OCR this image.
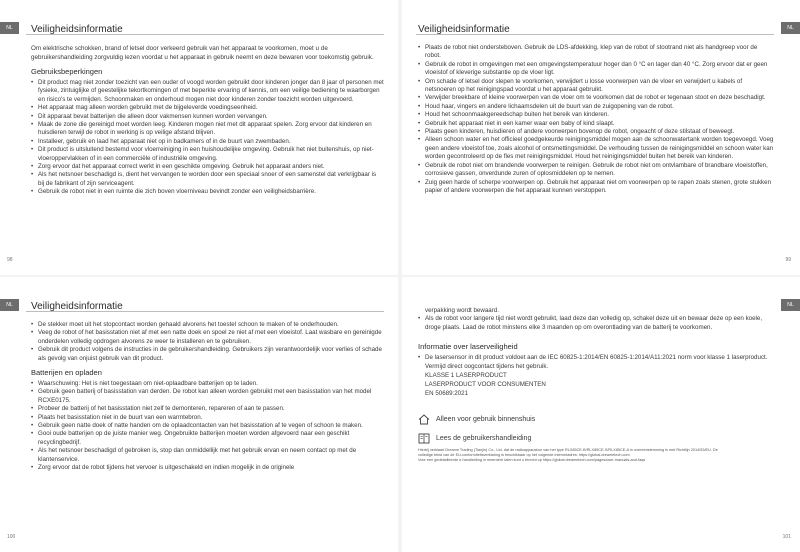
NL	Veiligheidsinformatie
Om elektrische schokken, brand of letsel door verkeerd gebruik van het apparaat te voorkomen, moet u de gebruikershandleiding zorgvuldig lezen voordat u het apparaat in gebruik neemt en deze bewaren voor toekomstig gebruik.
Gebruiksbeperkingen
• Dit product mag niet zonder toezicht van een ouder of voogd worden gebruikt door kinderen jonger dan 8 jaar of personen met fysieke, zintuiglijke of geestelijke tekortkomingen of met beperkte ervaring of kennis, om een veilige bediening te waarborgen en risico's te vermijden. Schoonmaken en onderhoud mogen niet door kinderen zonder toezicht worden uitgevoerd.
• Het apparaat mag alleen worden gebruikt met de bijgeleverde voedingseenheid.
• Dit apparaat bevat batterijen die alleen door vakmensen kunnen worden vervangen.
• Maak de zone die gereinigd moet worden leeg. Kinderen mogen niet met dit apparaat spelen. Zorg ervoor dat kinderen en huisdieren terwijl de robot in werking is op veilige afstand blijven.
• Installeer, gebruik en laad het apparaat niet op in badkamers of in de buurt van zwembaden.
• Dit product is uitsluitend bestemd voor vloerreiniging in een huishoudelijke omgeving. Gebruik het niet buitenshuis, op niet-vloeroppervlakken of in een commerciële of industriële omgeving.
• Zorg ervoor dat het apparaat correct werkt in een geschikte omgeving. Gebruik het apparaat anders niet.
• Als het netsnoer beschadigd is, dient het vervangen te worden door een speciaal snoer of een samenstel dat verkrijgbaar is bij de fabrikant of zijn serviceagent.
• Gebruik de robot niet in een ruimte die zich boven vloerniveau bevindt zonder een veiligheidsbarrière.
98
NL
Veiligheidsinformatie
• Plaats de robot niet ondersteboven. Gebruik de LDS-afdekking, klep van de robot of stootrand niet als handgreep voor de robot.
• Gebruik de robot in omgevingen met een omgevingstemperatuur hoger dan 0 °C en lager dan 40 °C. Zorg ervoor dat er geen vloeistof of kleverige substantie op de vloer ligt.
• Om schade of letsel door slepen te voorkomen, verwijdert u losse voorwerpen van de vloer en verwijdert u kabels of netsnoeren op het reinigingspad voordat u het apparaat gebruikt.
• Verwijder breekbare of kleine voorwerpen van de vloer om te voorkomen dat de robot er tegenaan stoot en deze beschadigt.
• Houd haar, vingers en andere lichaamsdelen uit de buurt van de zuigopening van de robot.
• Houd het schoonmaakgereedschap buiten het bereik van kinderen.
• Gebruik het apparaat niet in een kamer waar een baby of kind slaapt.
• Plaats geen kinderen, huisdieren of andere voorwerpen bovenop de robot, ongeacht of deze stilstaat of beweegt.
• Alleen schoon water en het officieel goedgekeurde reinigingsmiddel mogen aan de schoonwatertank worden toegevoegd. Voeg geen andere vloeistof toe, zoals alcohol of ontsmettingsmiddel. De verhouding tussen de reinigingsmiddel en schoon water kan worden gecontroleerd op de fles met reinigingsmiddel. Houd het reinigingsmiddel buiten het bereik van kinderen.
• Gebruik de robot niet om brandende voorwerpen te reinigen. Gebruik de robot niet om ontvlambare of brandbare vloeistoffen, corrosieve gassen, onverdunde zuren of oplosmiddelen op te nemen.
• Zuig geen harde of scherpe voorwerpen op. Gebruik het apparaat niet om voorwerpen op te rapen zoals stenen, grote stukken papier of andere voorwerpen die het apparaat kunnen verstoppen.
99
NL	Veiligheidsinformatie
• De stekker moet uit het stopcontact worden gehaald alvorens het toestel schoon te maken of te onderhouden.
• Veeg de robot of het basisstation niet af met een natte doek en spoel ze niet af met een vloeistof. Laat wasbare en gereinigde onderdelen volledig opdrogen alvorens ze weer te installeren en te gebruiken.
• Gebruik dit product volgens de instructies in de gebruikershandleiding. Gebruikers zijn verantwoordelijk voor verlies of schade als gevolg van onjuist gebruik van dit product.
Batterijen en opladen
• Waarschuwing: Het is niet toegestaan om niet-oplaadbare batterijen op te laden.
• Gebruik geen batterij of basisstation van derden. De robot kan alleen worden gebruikt met een basisstation van het model RCXE0175.
• Probeer de batterij of het basisstation niet zelf te demonteren, repareren of aan te passen.
• Plaats het basisstation niet in de buurt van een warmtebron.
• Gebruik geen natte doek of natte handen om de oplaadcontacten van het basisstation af te vegen of schoon te maken.
• Gooi oude batterijen op de juiste manier weg. Ongebruikte batterijen moeten worden afgevoerd naar een geschikt recyclingbedrijf.
• Als het netsnoer beschadigd of gebroken is, stop dan onmiddellijk met het gebruik ervan en neem contact op met de klantenservice.
• Zorg ervoor dat de robot tijdens het vervoer is uitgeschakeld en indien mogelijk in de originele
100
NL
verpakking wordt bewaard.
• Als de robot voor langere tijd niet wordt gebruikt, laad deze dan volledig op, schakel deze uit en bewaar deze op een koele, droge plaats. Laad de robot minstens elke 3 maanden op om overontlading van de batterij te voorkomen.
Informatie over laserveiligheid
• De lasersensor in dit product voldoet aan de IEC 60825-1:2014/EN 60825-1:2014/A11:2021 norm voor klasse 1 laserproduct. Vermijd direct oogcontact tijdens het gebruik.
KLASSE 1 LASERPRODUCT
LASERPRODUCT VOOR CONSUMENTEN
EN 50689:2021
Alleen voor gebruik binnenshuis
Lees de gebruikershandleiding
Hierbij verklaart Dreame Trading (Tianjin) Co., Ltd. dat de radioapparatuur van het type RLX85CE-B/RLX85CE-S/RLX85CE-A in overeenstemming is met Richtlijn 2014/53/EU. De
volledige tekst van de EU-conformiteitsverklaring is beschikbaar op het volgende internetadres: https://global.dreametech.com
Voor een gedetailleerde e-handleiding in meerdere talen kunt u terecht op https://global.dreametech.com/pages/user-manuals-and-faqs
101
